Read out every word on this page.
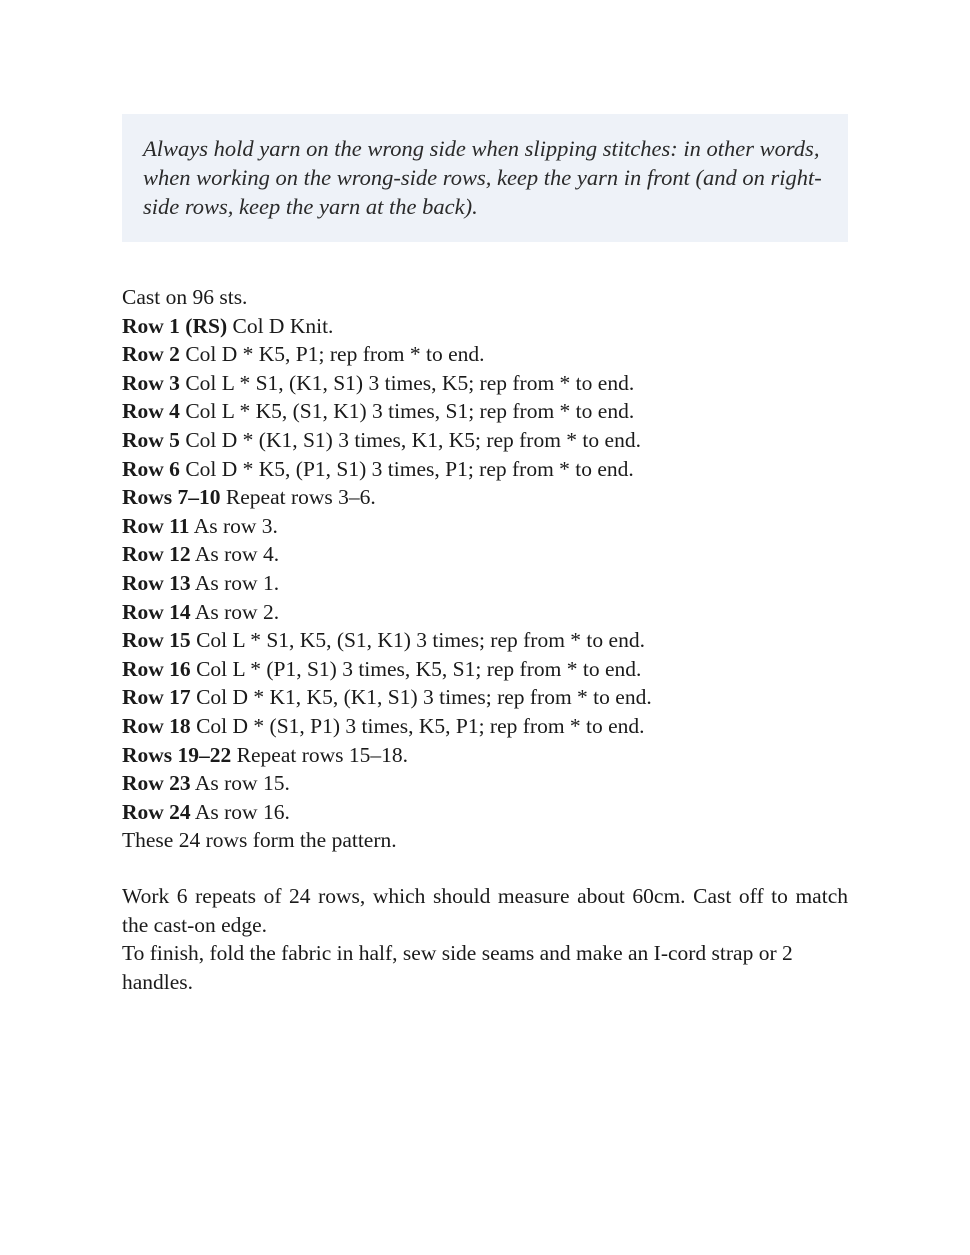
Always hold yarn on the wrong side when slipping stitches: in other words, when working on the wrong-side rows, keep the yarn in front (and on right-side rows, keep the yarn at the back).

Cast on 96 sts.
Row 1 (RS) Col D Knit.
Row 2 Col D * K5, P1; rep from * to end.
Row 3 Col L * S1, (K1, S1) 3 times, K5; rep from * to end.
Row 4 Col L * K5, (S1, K1) 3 times, S1; rep from * to end.
Row 5 Col D * (K1, S1) 3 times, K1, K5; rep from * to end.
Row 6 Col D * K5, (P1, S1) 3 times, P1; rep from * to end.
Rows 7–10 Repeat rows 3–6.
Row 11 As row 3.
Row 12 As row 4.
Row 13 As row 1.
Row 14 As row 2.
Row 15 Col L * S1, K5, (S1, K1) 3 times; rep from * to end.
Row 16 Col L * (P1, S1) 3 times, K5, S1; rep from * to end.
Row 17 Col D * K1, K5, (K1, S1) 3 times; rep from * to end.
Row 18 Col D * (S1, P1) 3 times, K5, P1; rep from * to end.
Rows 19–22 Repeat rows 15–18.
Row 23 As row 15.
Row 24 As row 16.
These 24 rows form the pattern.

Work 6 repeats of 24 rows, which should measure about 60cm. Cast off to match the cast-on edge.

To finish, fold the fabric in half, sew side seams and make an I-cord strap or 2 handles.
